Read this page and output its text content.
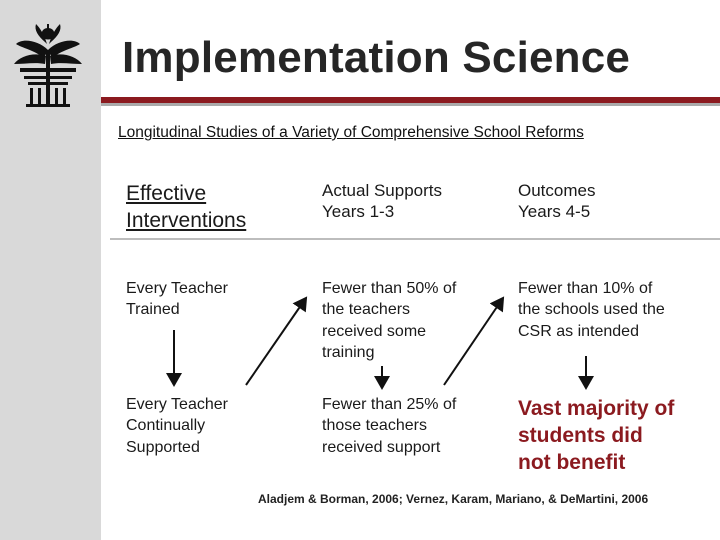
Implementation Science

Longitudinal Studies of a Variety of Comprehensive School Reforms

Effective
Interventions
Actual Supports
Years 1-3
Outcomes
Years 4-5
Every Teacher
Trained
Fewer than 50% of
the teachers
received some
training
Fewer than 10% of
the schools used the
CSR as intended
Every Teacher
Continually
Supported
Fewer than 25% of
those teachers
received support
Vast majority of
students did
not benefit

Aladjem & Borman, 2006; Vernez, Karam, Mariano, & DeMartini, 2006
